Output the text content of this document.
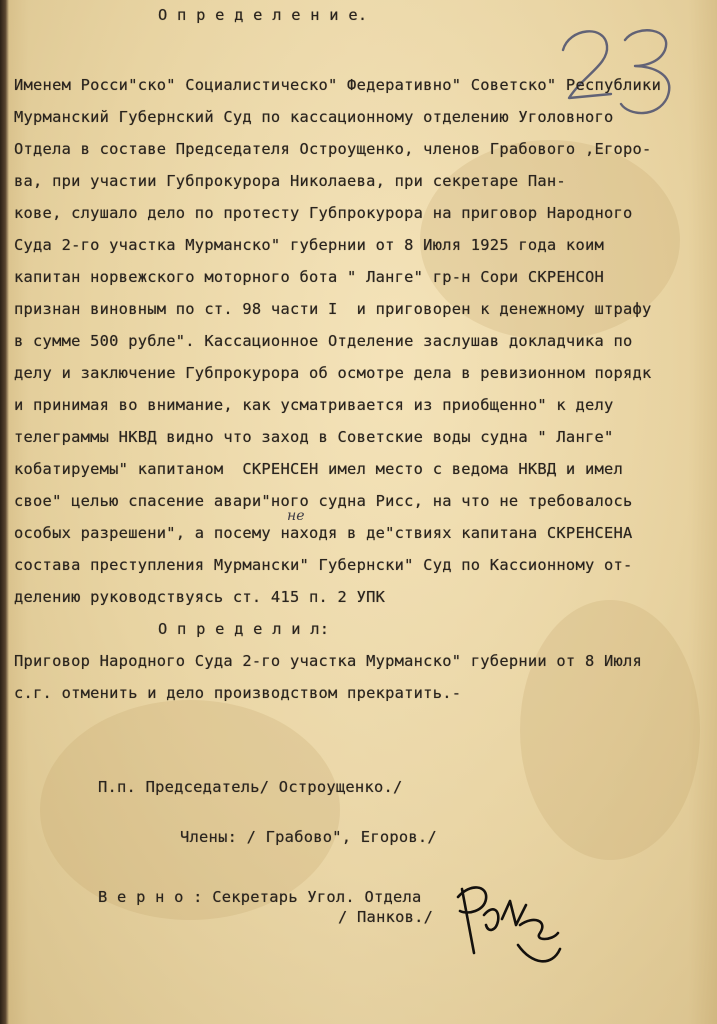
О п р е д е л е н и е.

Именем Росси"ско" Социалистическо" Федеративно" Советско" Республики

Мурманский Губернский Суд по кассационному отделению Уголовного

Отдела в составе Председателя Остроущенко, членов Грабового ,Егоро-

ва, при участии Губпрокурора Николаева, при секретаре Пан-

кове, слушало дело по протесту Губпрокурора на приговор Народного

Суда 2-го участка Мурманско" губернии от 8 Июля 1925 года коим

капитан норвежского моторного бота " Ланге" гр-н Сори СКРЕНСОН

признан виновным по ст. 98 части I  и приговорен к денежному штрафу

в сумме 500 рубле". Кассационное Отделение заслушав докладчика по

делу и заключение Губпрокурора об осмотре дела в ревизионном порядк

и принимая во внимание, как усматривается из приобщенно" к делу

телеграммы НКВД видно что заход в Советские воды судна " Ланге"

кобатируемы" капитаном  СКРЕНСЕН имел место с ведома НКВД и имел

свое" целью спасение авари"ного судна Рисс, на что не требовалось

не

особых разрешени", а посему находя в де"ствиях капитана СКРЕНСЕНА

состава преступления Мурмански" Губернски" Суд по Кассионному от-

делению руководствуясь ст. 415 п. 2 УПК

О п р е д е л и л:

Приговор Народного Суда 2-го участка Мурманско" губернии от 8 Июля

с.г. отменить и дело производством прекратить.-

П.п. Председатель/ Остроущенко./

Члены: / Грабово", Егоров./

В е р н о : Секретарь Угол. Отдела

/ Панков./
